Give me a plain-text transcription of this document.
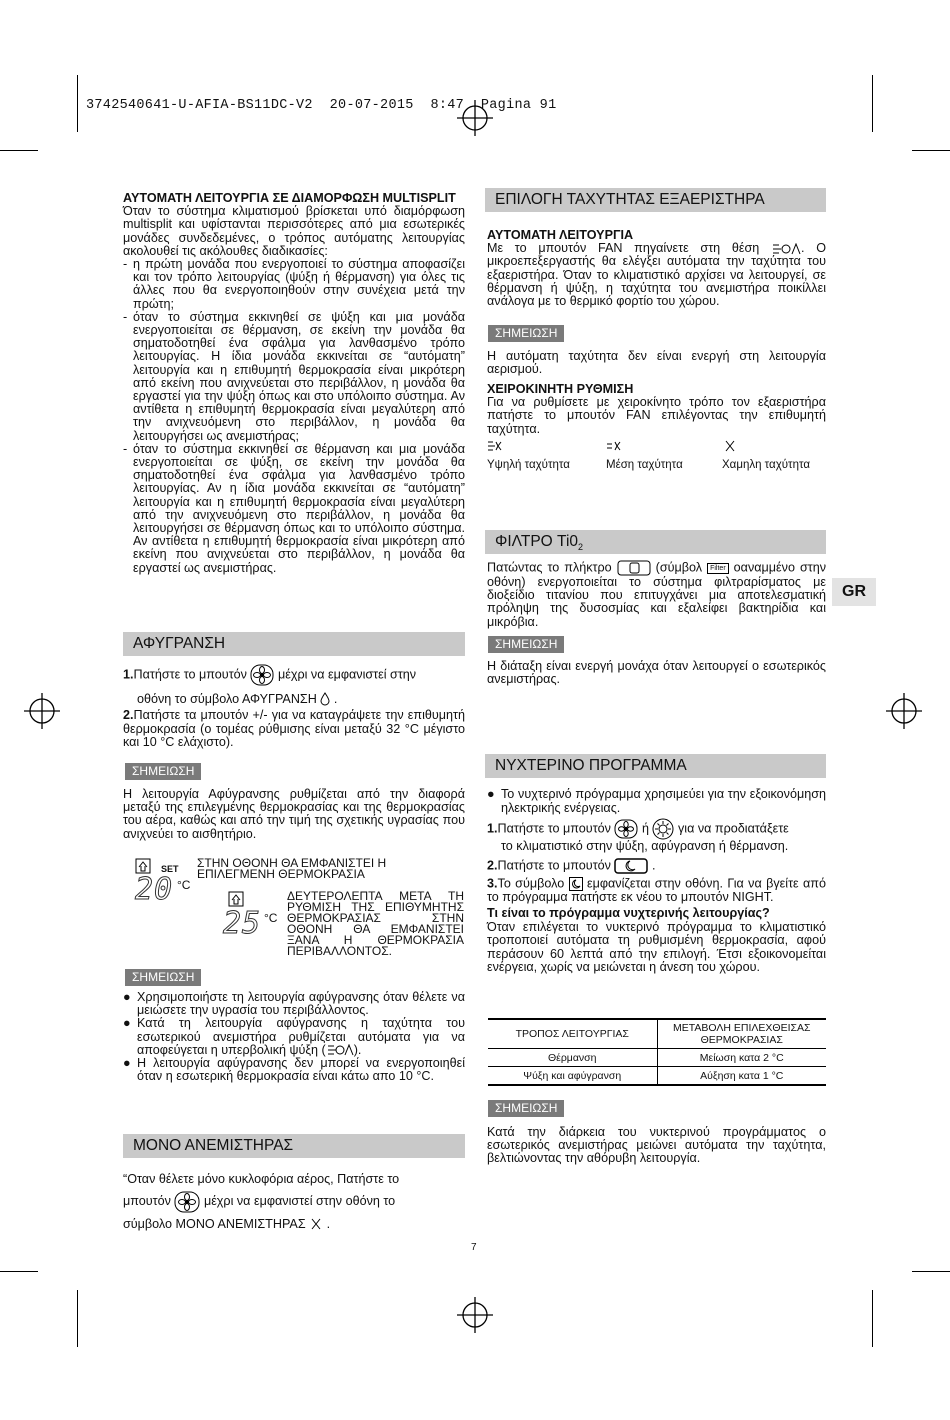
3742540641-U-AFIA-BS11DC-V2  20-07-2015  8:47  Pagina 91

ΑΥΤΟΜΑΤΗ ΛΕΙΤΟΥΡΓΙΑ ΣΕ ΔΙΑΜΟΡΦΩΣΗ MULTISPLIT

Όταν το σύστημα κλιματισμού βρίσκεται υπό διαμόρφωση multisplit και υφίστανται περισσότερες από μια εσωτερικές μονάδες συνδεδεμένες, ο τρόπος αυτόματης λειτουργίας ακολουθεί τις ακόλουθες διαδικασίες:

- η πρώτη μονάδα που ενεργοποιεί το σύστημα αποφασίζει και τον τρόπο λειτουργίας (ψύξη ή θέρμανση) για όλες τις άλλες που θα ενεργοποιηθούν στην συνέχεια μετά την πρώτη;
- όταν το σύστημα εκκινηθεί σε ψύξη και μια μονάδα ενεργοποιείται σε θέρμανση, σε εκείνη την μονάδα θα σηματοδοτηθεί ένα σφάλμα για λανθασμένο τρόπο λειτουργίας. Η ίδια μονάδα εκκινείται σε “αυτόματη” λειτουργία και η επιθυμητή θερμοκρασία είναι μικρότερη από εκείνη που ανιχνεύεται στο περιβάλλον, η μονάδα θα εργαστεί για την ψύξη όπως και στο υπόλοιπο σύστημα. Αν αντίθετα η επιθυμητή θερμοκρασία είναι μεγαλύτερη από την ανιχνευόμενη στο περιβάλλον, η μονάδα θα λειτουργήσει ως ανεμιστήρας;
- όταν το σύστημα εκκινηθεί σε θέρμανση και μια μονάδα ενεργοποιείται σε ψύξη, σε εκείνη την μονάδα θα σηματοδοτηθεί ένα σφάλμα για λανθασμένο τρόπο λειτουργίας. Αν η ίδια μονάδα εκκινείται σε “αυτόματη” λειτουργία και η επιθυμητή θερμοκρασία είναι μεγαλύτερη από την ανιχνευόμενη στο περιβάλλον, η μονάδα θα λειτουργήσει σε θέρμανση όπως και το υπόλοιπο σύστημα. Αν αντίθετα η επιθυμητή θερμοκρασία είναι μικρότερη από εκείνη που ανιχνεύεται στο περιβάλλον, η μονάδα θα εργαστεί ως ανεμιστήρας.
ΑΦΥΓΡΑΝΣΗ

1.Πατήστε το μπουτόν μέχρι να εμφανιστεί στην

οθόνη το σύμβολο ΑΦΥΓΡΑΝΣΗ .

2.Πατήστε τα μπουτόν +/- για να καταγράψετε την επιθυμητή θερμοκρασία (ο τομέας ρύθμισης είναι μεταξύ 32 °C μέγιστο και 10 °C ελάχιστο).

ΣΗΜΕΙΩΣΗ
Η λειτουργία Αφύγρανσης ρυθμίζεται από την διαφορά μεταξύ της επιλεγμένης θερμοκρασίας και της θερμοκρασίας του αέρα, καθώς και από την τιμή της σχετικής υγρασίας που ανιχνεύει το αισθητήριο.
SET
20 °C
ΣΤΗΝ ΟΘΟΝΗ ΘΑ ΕΜΦΑΝΙΣΤΕΙ Η ΕΠΙΛΕΓΜΕΝΗ ΘΕΡΜΟΚΡΑΣΙΑ
25 °C
ΔΕΥΤΕΡΟΛΕΠΤΑ ΜΕΤΑ ΤΗ ΡΥΘΜΙΣΗ ΤΗΣ ΕΠΙΘΥΜΗΤΗΣ ΘΕΡΜΟΚΡΑΣΙΑΣ ΣΤΗΝ ΟΘΟΝΗ ΘΑ ΕΜΦΑΝΙΣΤΕΙ ΞΑΝΑ Η ΘΕΡΜΟΚΡΑΣΙΑ ΠΕΡΙΒΑΛΛΟΝΤΟΣ.
ΣΗΜΕΙΩΣΗ
● Χρησιμοποιήστε τη λειτουργία αφύγρανσης όταν θέλετε να μειώσετε την υγρασία του περιβάλλοντος.
● Κατά τη λειτουργία αφύγρανσης η ταχύτητα του εσωτερικού ανεμιστήρα ρυθμίζεται αυτόματα για να αποφεύγεται η υπερβολική ψύξη ( ).
● Η λειτουργία αφύγρανσης δεν μπορεί να ενεργοποιηθεί όταν η εσωτερική θερμοκρασία είναι κάτω απο 10 °C.
ΜΟΝΟ ΑΝΕΜΙΣΤΗΡΑΣ

“Οταν θέλετε μόνο κυκλοφόρια αέρος, Πατήστε το

μπουτόν	μέχρι να εμφανιστεί στην οθόνη το

σύμβολο ΜΟΝΟ ΑΝΕΜΙΣΤΗΡΑΣ .

ΕΠΙΛΟΓΗ ΤΑΧΥΤΗΤΑΣ ΕΞΑΕΡΙΣΤΗΡΑ

ΑΥΤΟΜΑΤΗ ΛΕΙΤΟΥΡΓΙΑ

Με το μπουτόν FAN πηγαίνετε στη θέση	. Ο μικροεπεξεργαστής θα ελέγξει αυτόματα την ταχύτητα του εξαεριστήρα. Όταν το κλιματιστικό αρχίσει να λειτουργεί, σε θέρμανση ή ψύξη, η ταχύτητα του ανεμιστήρα ποικίλλει ανάλογα με το θερμικό φορτίο του χώρου.

ΣΗΜΕΙΩΣΗ
Η αυτόματη ταχύτητα δεν είναι ενεργή στη λειτουργία αερισμού.

ΧΕΙΡΟΚΙΝΗΤΗ ΡΥΘΜΙΣΗ

Για να ρυθμίσετε με χειροκίνητο τρόπο τον εξαεριστήρα πατήστε το μπουτόν FAN επιλέγοντας την επιθυμητή ταχύτητα.

Υψηλή ταχύτητα	Μέση ταχύτητα	Χαμηλη ταχύτητα
ΦΙΛΤΡΟ $Ti0_2$

Πατώντας το πλήκτρο	(σύμβολ Filter οαναμμένο στην οθόνη) ενεργοποιείται το σύστημα φιλτραρίσματος με διοξείδιο τιτανίου που επιτυγχάνει μια αποτελεσματική πρόληψη της δυσοσμίας και εξαλείφει βακτηρίδια και μικρόβια.

ΣΗΜΕΙΩΣΗ
Η διάταξη είναι ενεργή μονάχα όταν λειτουργεί ο εσωτερικός ανεμιστήρας.
GR
ΝΥΧΤΕΡΙΝΟ ΠΡΟΓΡΑΜΜΑ
● Το νυχτερινό πρόγραμμα χρησιμεύει για την εξοικονόμηση ηλεκτρικής ενέργειας.

1.Πατήστε το μπουτόν ή για να προδιατάξετε

το κλιματιστικό στην ψύξη, αφύγρανση ή θέρμανση.

2.Πατήστε το μπουτόν	.

3.Το σύμβολο εμφανίζεται στην οθόνη. Για να βγείτε από το πρόγραμμα πατήστε εκ νέου το μπουτόν NIGHT.

Τι είναι το πρόγραμμα νυχτερινής λειτουργίας?

Όταν επιλέγεται το νυκτερινό πρόγραμμα το κλιματιστικό τροποποιεί αυτόματα τη ρυθμισμένη θερμοκρασία, αφού περάσουν 60 λεπτά από την επιλογή. Έτσι εξοικονομείται ενέργεια, χωρίς να μειώνεται η άνεση του χώρου.

ΤΡΟΠΟΣ ΛΕΙΤΟΥΡΓΙΑΣ	ΜΕΤΑΒΟΛΗ ΕΠΙΛΕΧΘΕΙΣΑΣ ΘΕΡΜΟΚΡΑΣΙΑΣ
Θέρμανση	Μείωση κατα 2 °C
Ψύξη και αφύγρανση	Αύξηση κατα 1 °C
ΣΗΜΕΙΩΣΗ
Κατά την διάρκεια του νυκτερινού προγράμματος ο εσωτερικός ανεμιστήρας μειώνει αυτόματα την ταχύτητα, βελτιώνοντας την αθόρυβη λειτουργία.
7
